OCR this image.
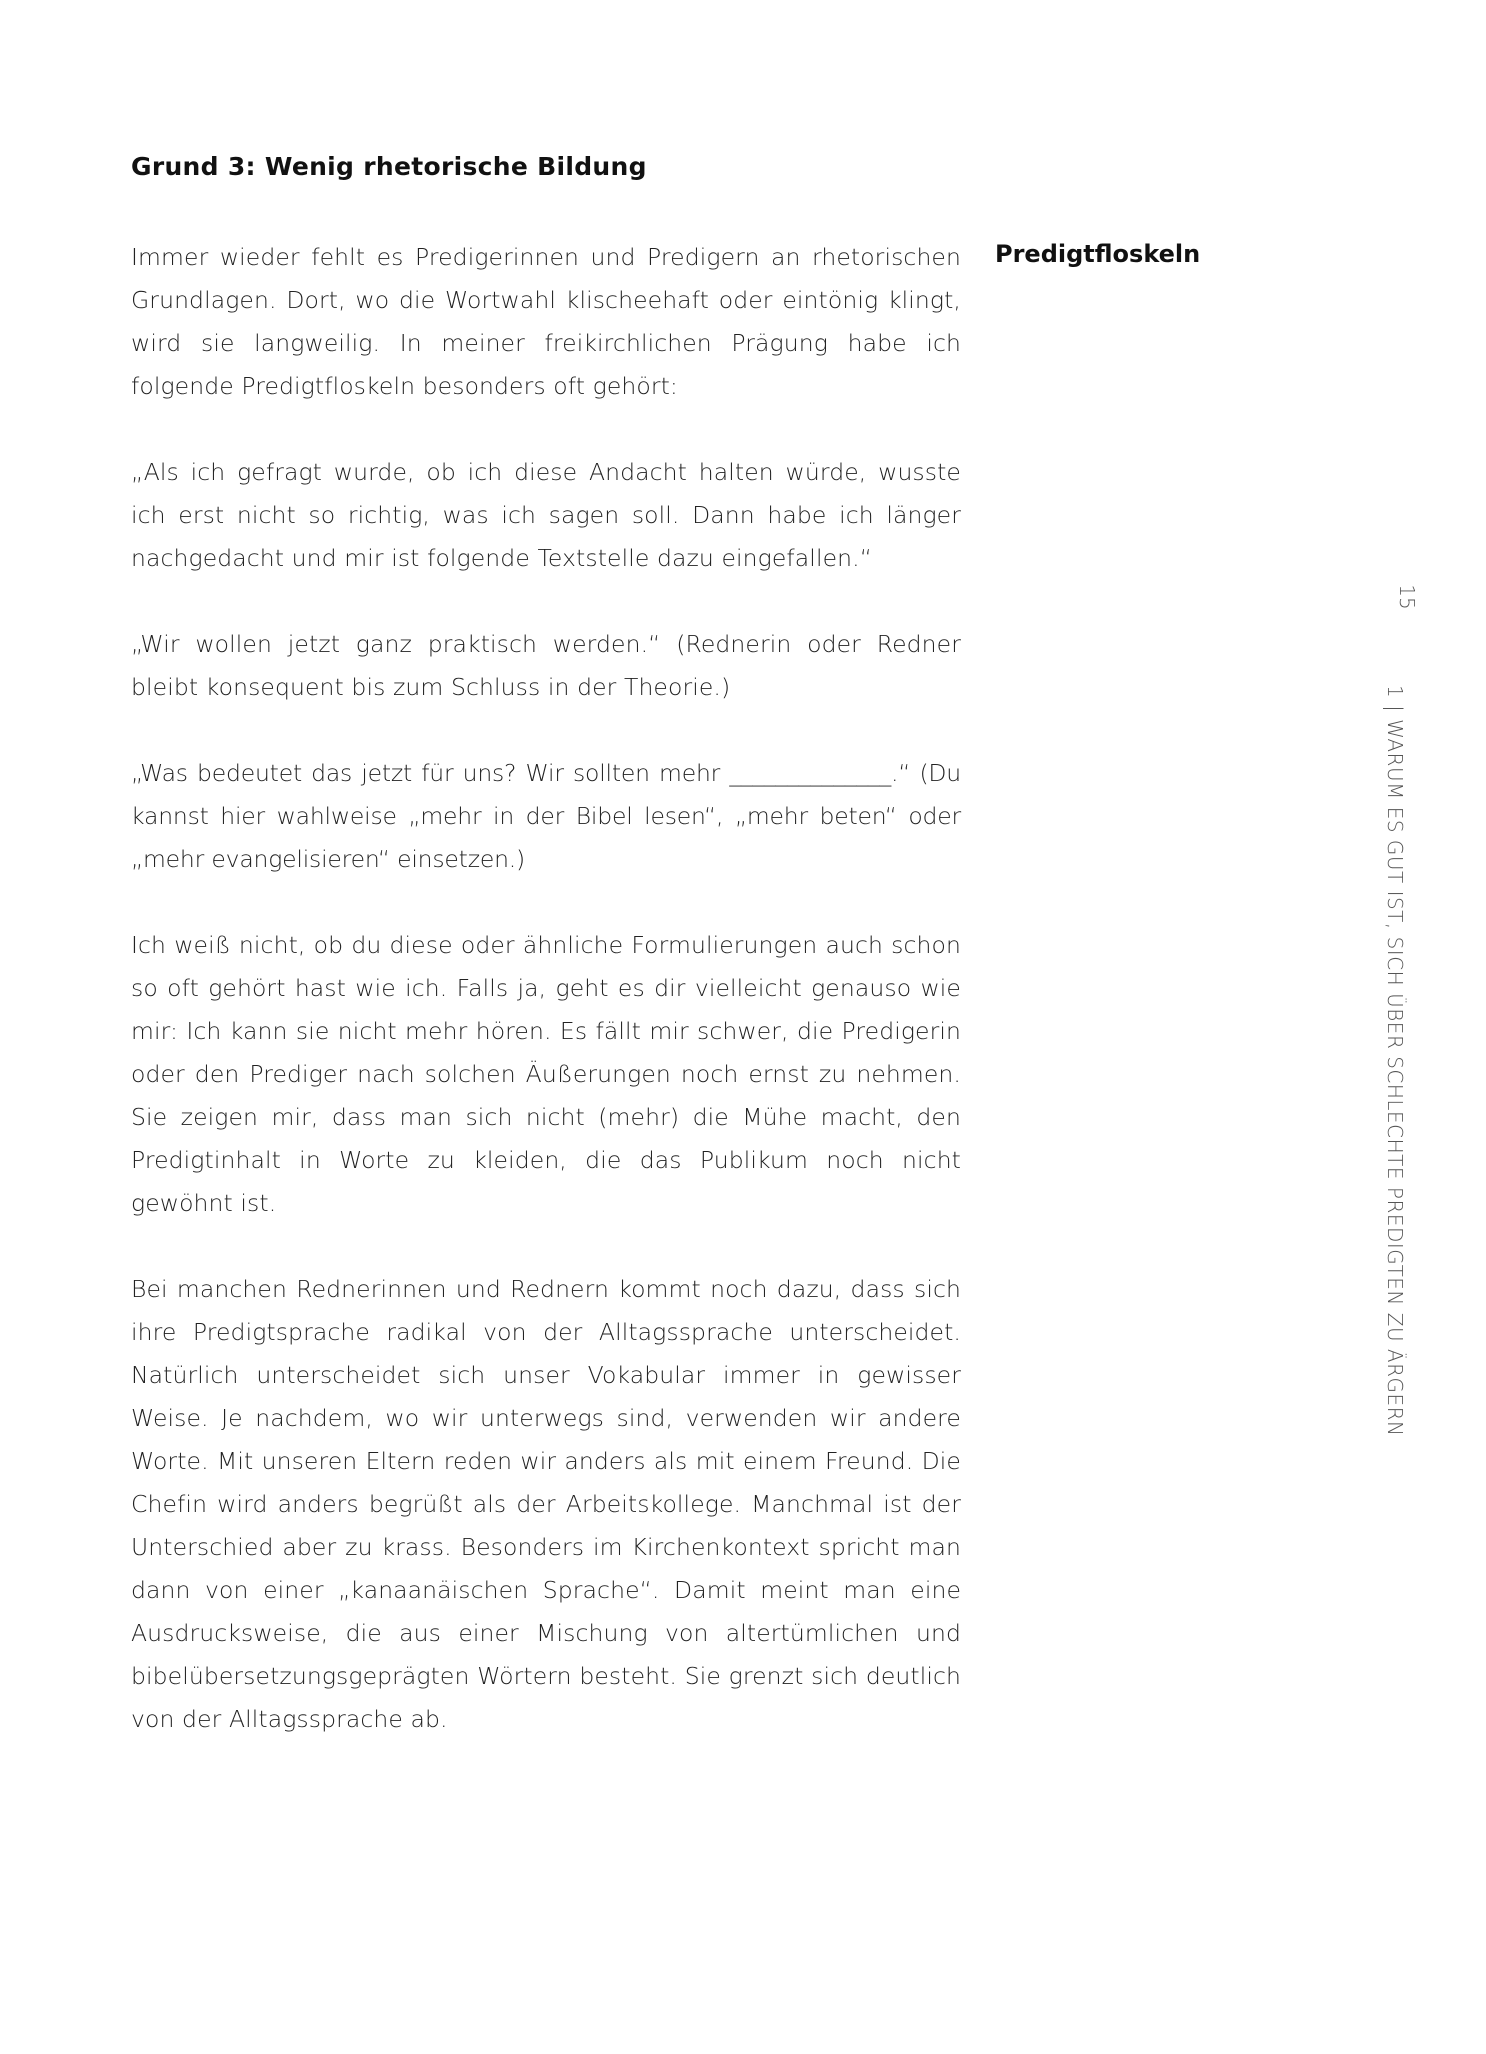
Grund 3: Wenig rhetorische Bildung

Immer wieder fehlt es Predigerinnen und Predigern an rhetorischen Grundlagen. Dort, wo die Wortwahl klischeehaft oder eintönig klingt, wird sie langweilig. In meiner freikirchlichen Prägung habe ich folgende Predigtfloskeln besonders oft gehört:

„Als ich gefragt wurde, ob ich diese Andacht halten würde, wusste ich erst nicht so richtig, was ich sagen soll. Dann habe ich länger nachgedacht und mir ist folgende Textstelle dazu eingefallen.“

„Wir wollen jetzt ganz praktisch werden.“ (Rednerin oder Redner bleibt konsequent bis zum Schluss in der Theorie.)

„Was bedeutet das jetzt für uns? Wir sollten mehr ______________.“ (Du kannst hier wahlweise „mehr in der Bibel lesen“, „mehr beten“ oder „mehr evangelisieren“ einsetzen.)

Ich weiß nicht, ob du diese oder ähnliche Formulierungen auch schon so oft gehört hast wie ich. Falls ja, geht es dir vielleicht genauso wie mir: Ich kann sie nicht mehr hören. Es fällt mir schwer, die Predigerin oder den Prediger nach solchen Äußerungen noch ernst zu nehmen. Sie zeigen mir, dass man sich nicht (mehr) die Mühe macht, den Predigtinhalt in Worte zu kleiden, die das Publikum noch nicht gewöhnt ist.

Bei manchen Rednerinnen und Rednern kommt noch dazu, dass sich ihre Predigtsprache radikal von der Alltagssprache unterscheidet. Natürlich unterscheidet sich unser Vokabular immer in gewisser Weise. Je nachdem, wo wir unterwegs sind, verwenden wir andere Worte. Mit unseren Eltern reden wir anders als mit einem Freund. Die Chefin wird anders begrüßt als der Arbeitskollege. Manchmal ist der Unterschied aber zu krass. Besonders im Kirchenkontext spricht man dann von einer „kanaanäischen Sprache“. Damit meint man eine Ausdrucksweise, die aus einer Mischung von altertümlichen und bibelübersetzungsgeprägten Wörtern besteht. Sie grenzt sich deutlich von der Alltagssprache ab.

Predigtfloskeln
15
1 | WARUM ES GUT IST, SICH ÜBER SCHLECHTE PREDIGTEN ZU ÄRGERN
